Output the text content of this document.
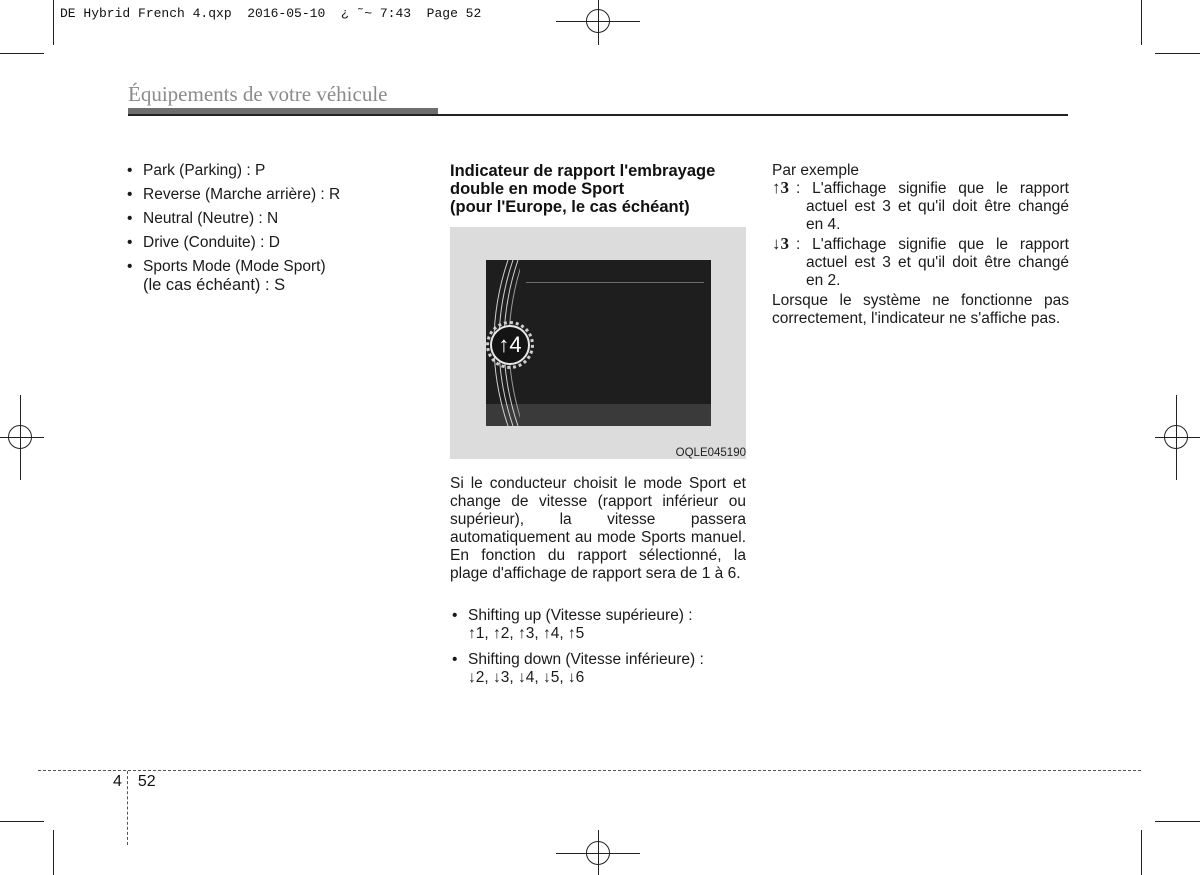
DE Hybrid French 4.qxp  2016-05-10  ¿ ˜~ 7:43  Page 52
Équipements de votre véhicule
• Park (Parking) : P
• Reverse (Marche arrière) : R
• Neutral (Neutre) : N
• Drive (Conduite) : D
• Sports Mode (Mode Sport)
(le cas échéant) : S
Indicateur de rapport l'embrayage
double en mode Sport
(pour l'Europe, le cas échéant)
↑4
OQLE045190

Si le conducteur choisit le mode Sport et change de vitesse (rapport inférieur ou supérieur), la vitesse passera automatiquement au mode Sports manuel. En fonction du rapport sélectionné, la plage d'affichage de rapport sera de 1 à 6.

• Shifting up (Vitesse supérieure) :
↑1, ↑2, ↑3, ↑4, ↑5
• Shifting down (Vitesse inférieure) :
↓2, ↓3, ↓4, ↓5, ↓6
Par exemple
↑3 : L'affichage signifie que le rapport actuel est 3 et qu'il doit être changé en 4.

↓3 : L'affichage signifie que le rapport actuel est 3 et qu'il doit être changé en 2.

Lorsque le système ne fonctionne pas correctement, l'indicateur ne s'affiche pas.

4 52
